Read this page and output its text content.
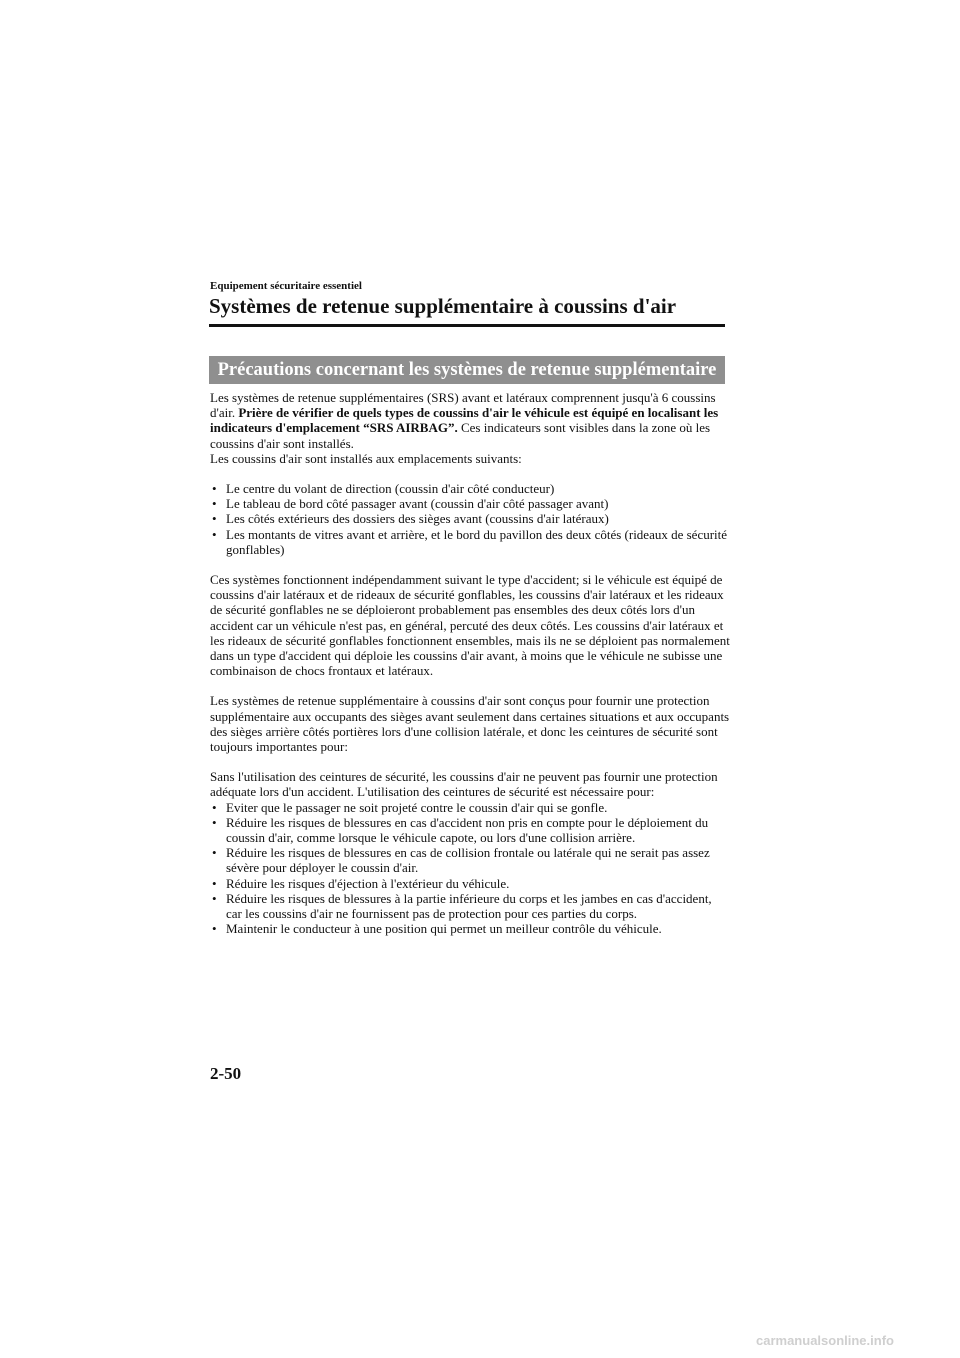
Equipement sécuritaire essentiel
Systèmes de retenue supplémentaire à coussins d'air
Précautions concernant les systèmes de retenue supplémentaire

Les systèmes de retenue supplémentaires (SRS) avant et latéraux comprennent jusqu'à 6 coussins d'air. Prière de vérifier de quels types de coussins d'air le véhicule est équipé en localisant les indicateurs d'emplacement “SRS AIRBAG”. Ces indicateurs sont visibles dans la zone où les coussins d'air sont installés.

Les coussins d'air sont installés aux emplacements suivants:

• Le centre du volant de direction (coussin d'air côté conducteur)
• Le tableau de bord côté passager avant (coussin d'air côté passager avant)
• Les côtés extérieurs des dossiers des sièges avant (coussins d'air latéraux)
• Les montants de vitres avant et arrière, et le bord du pavillon des deux côtés (rideaux de sécurité gonflables)

Ces systèmes fonctionnent indépendamment suivant le type d'accident; si le véhicule est équipé de coussins d'air latéraux et de rideaux de sécurité gonflables, les coussins d'air latéraux et les rideaux de sécurité gonflables ne se déploieront probablement pas ensembles des deux côtés lors d'un accident car un véhicule n'est pas, en général, percuté des deux côtés. Les coussins d'air latéraux et les rideaux de sécurité gonflables fonctionnent ensembles, mais ils ne se déploient pas normalement dans un type d'accident qui déploie les coussins d'air avant, à moins que le véhicule ne subisse une combinaison de chocs frontaux et latéraux.

Les systèmes de retenue supplémentaire à coussins d'air sont conçus pour fournir une protection supplémentaire aux occupants des sièges avant seulement dans certaines situations et aux occupants des sièges arrière côtés portières lors d'une collision latérale, et donc les ceintures de sécurité sont toujours importantes pour:

Sans l'utilisation des ceintures de sécurité, les coussins d'air ne peuvent pas fournir une protection adéquate lors d'un accident. L'utilisation des ceintures de sécurité est nécessaire pour:

• Eviter que le passager ne soit projeté contre le coussin d'air qui se gonfle.
• Réduire les risques de blessures en cas d'accident non pris en compte pour le déploiement du coussin d'air, comme lorsque le véhicule capote, ou lors d'une collision arrière.
• Réduire les risques de blessures en cas de collision frontale ou latérale qui ne serait pas assez sévère pour déployer le coussin d'air.
• Réduire les risques d'éjection à l'extérieur du véhicule.
• Réduire les risques de blessures à la partie inférieure du corps et les jambes en cas d'accident, car les coussins d'air ne fournissent pas de protection pour ces parties du corps.
• Maintenir le conducteur à une position qui permet un meilleur contrôle du véhicule.
2-50
carmanualsonline.info
